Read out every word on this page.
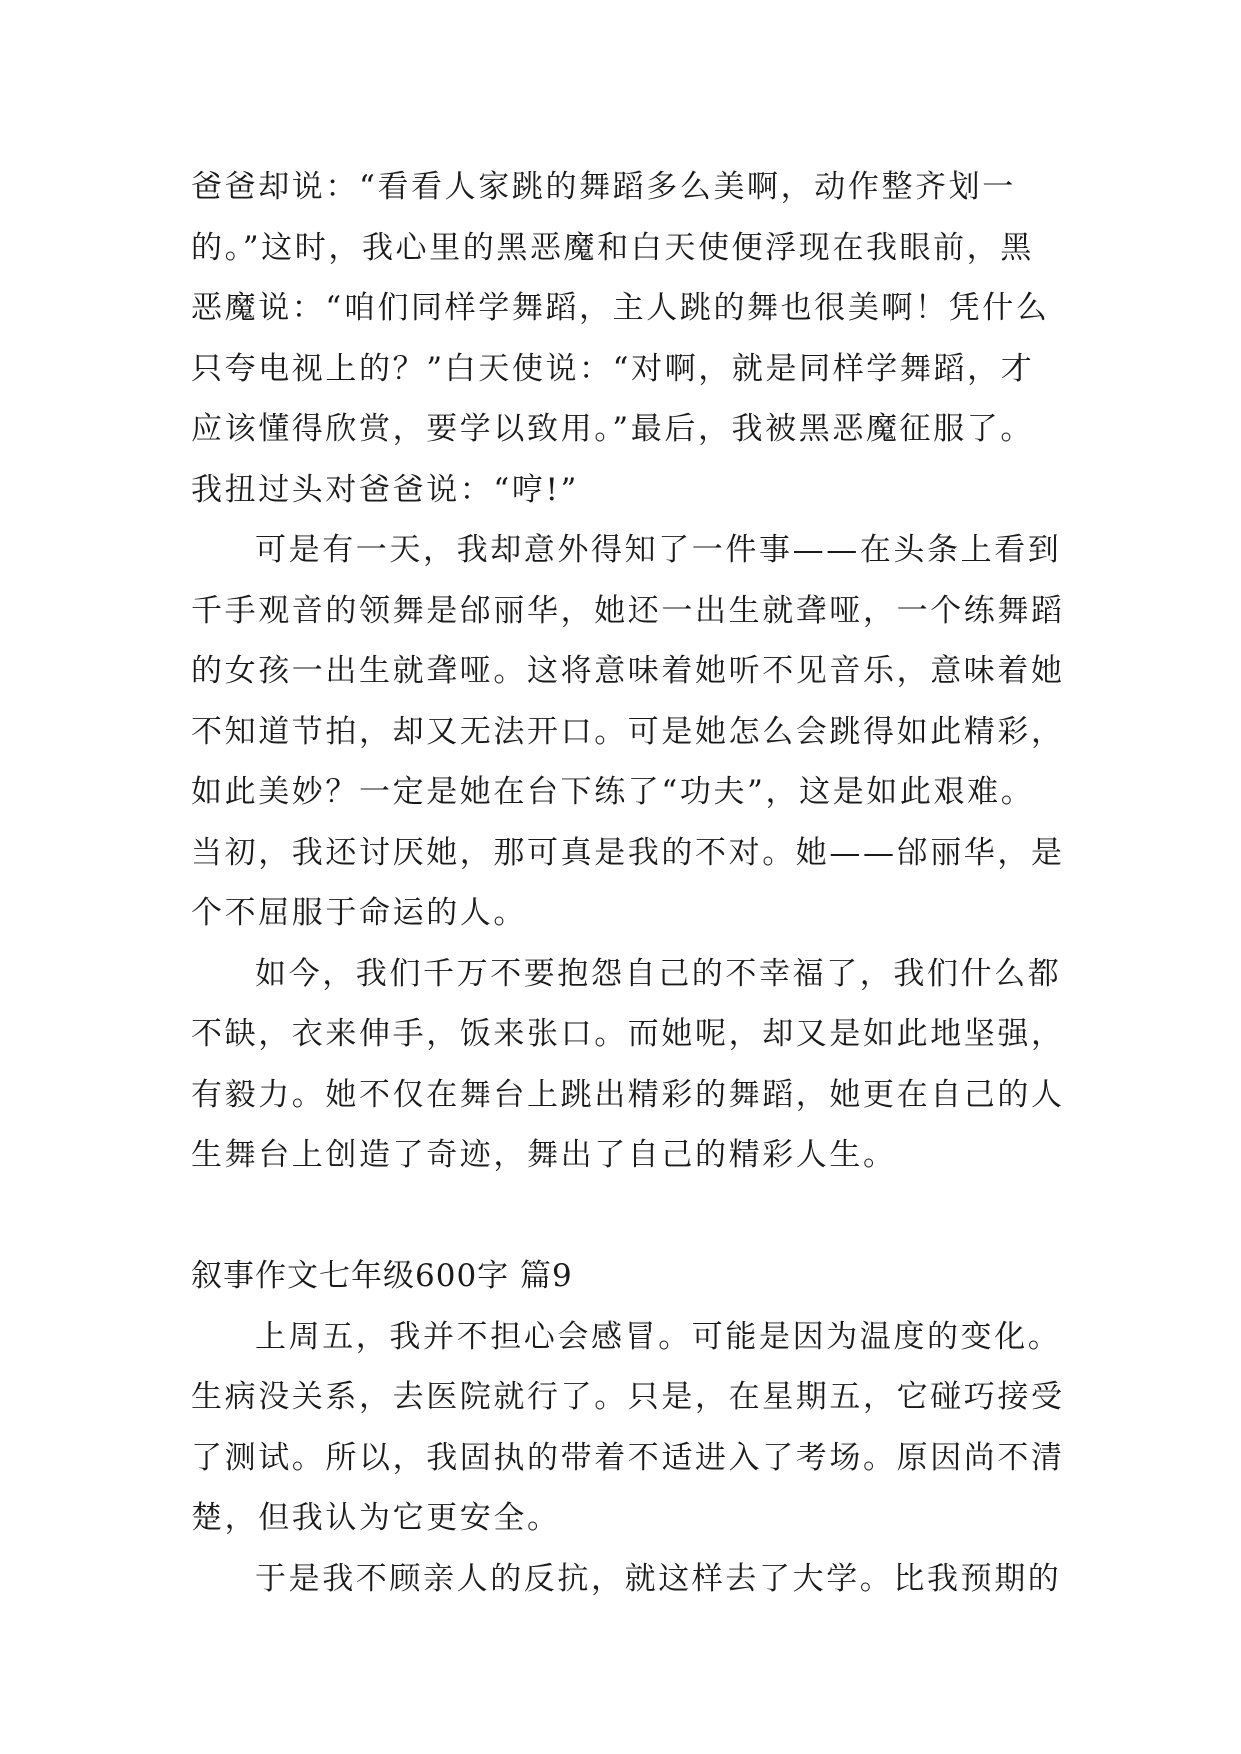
爸爸却说：“看看人家跳的舞蹈多么美啊，动作整齐划一
的。”这时，我心里的黑恶魔和白天使便浮现在我眼前，黑
恶魔说：“咱们同样学舞蹈，主人跳的舞也很美啊！凭什么
只夸电视上的？”白天使说：“对啊，就是同样学舞蹈，才
应该懂得欣赏，要学以致用。”最后，我被黑恶魔征服了。
我扭过头对爸爸说：“哼!”
可是有一天，我却意外得知了一件事——在头条上看到
千手观音的领舞是邰丽华，她还一出生就聋哑，一个练舞蹈
的女孩一出生就聋哑。这将意味着她听不见音乐，意味着她
不知道节拍，却又无法开口。可是她怎么会跳得如此精彩，
如此美妙？一定是她在台下练了“功夫”，这是如此艰难。
当初，我还讨厌她，那可真是我的不对。她——邰丽华，是
个不屈服于命运的人。
如今，我们千万不要抱怨自己的不幸福了，我们什么都
不缺，衣来伸手，饭来张口。而她呢，却又是如此地坚强，
有毅力。她不仅在舞台上跳出精彩的舞蹈，她更在自己的人
生舞台上创造了奇迹，舞出了自己的精彩人生。
叙事作文七年级600字 篇9
上周五，我并不担心会感冒。可能是因为温度的变化。
生病没关系，去医院就行了。只是，在星期五，它碰巧接受
了测试。所以，我固执的带着不适进入了考场。原因尚不清
楚，但我认为它更安全。
于是我不顾亲人的反抗，就这样去了大学。比我预期的
